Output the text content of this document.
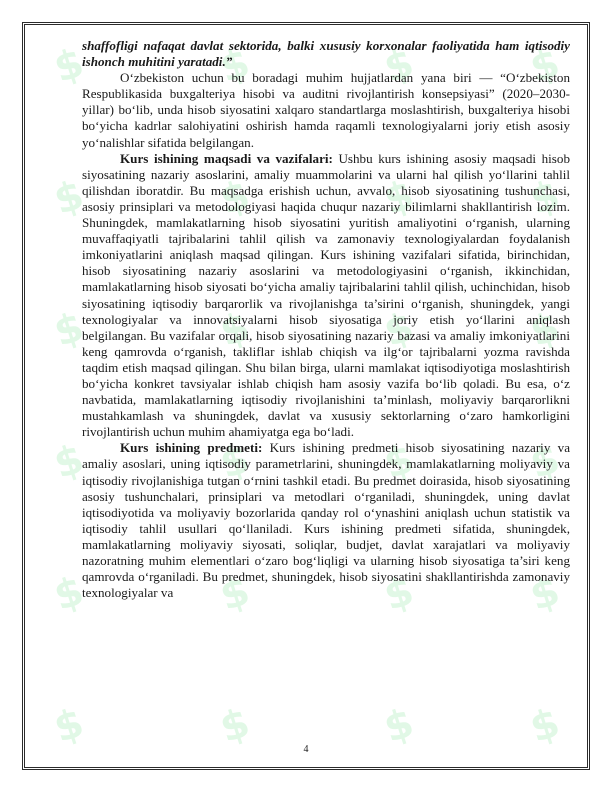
$
$
$
$
$
$
$
$
$
$
$
$
$
$
$
$
$
$
$
$
$
$
$
$

shaffofligi nafaqat davlat sektorida, balki xususiy korxonalar faoliyatida ham iqtisodiy ishonch muhitini yaratadi.”

O‘zbekiston uchun bu boradagi muhim hujjatlardan yana biri — “O‘zbekiston Respublikasida buxgalteriya hisobi va auditni rivojlantirish konsepsiyasi” (2020–2030-yillar) bo‘lib, unda hisob siyosatini xalqaro standartlarga moslashtirish, buxgalteriya hisobi bo‘yicha kadrlar salohiyatini oshirish hamda raqamli texnologiyalarni joriy etish asosiy yo‘nalishlar sifatida belgilangan.

Kurs ishining maqsadi va vazifalari: Ushbu kurs ishining asosiy maqsadi hisob siyosatining nazariy asoslarini, amaliy muammolarini va ularni hal qilish yo‘llarini tahlil qilishdan iboratdir. Bu maqsadga erishish uchun, avvalo, hisob siyosatining tushunchasi, asosiy prinsiplari va metodologiyasi haqida chuqur nazariy bilimlarni shakllantirish lozim. Shuningdek, mamlakatlarning hisob siyosatini yuritish amaliyotini o‘rganish, ularning muvaffaqiyatli tajribalarini tahlil qilish va zamonaviy texnologiyalardan foydalanish imkoniyatlarini aniqlash maqsad qilingan. Kurs ishining vazifalari sifatida, birinchidan, hisob siyosatining nazariy asoslarini va metodologiyasini o‘rganish, ikkinchidan, mamlakatlarning hisob siyosati bo‘yicha amaliy tajribalarini tahlil qilish, uchinchidan, hisob siyosatining iqtisodiy barqarorlik va rivojlanishga ta’sirini o‘rganish, shuningdek, yangi texnologiyalar va innovatsiyalarni hisob siyosatiga joriy etish yo‘llarini aniqlash belgilangan. Bu vazifalar orqali, hisob siyosatining nazariy bazasi va amaliy imkoniyatlarini keng qamrovda o‘rganish, takliflar ishlab chiqish va ilg‘or tajribalarni yozma ravishda taqdim etish maqsad qilingan. Shu bilan birga, ularni mamlakat iqtisodiyotiga moslashtirish bo‘yicha konkret tavsiyalar ishlab chiqish ham asosiy vazifa bo‘lib qoladi. Bu esa, o‘z navbatida, mamlakatlarning iqtisodiy rivojlanishini ta’minlash, moliyaviy barqarorlikni mustahkamlash va shuningdek, davlat va xususiy sektorlarning o‘zaro hamkorligini rivojlantirish uchun muhim ahamiyatga ega bo‘ladi.

Kurs ishining predmeti: Kurs ishining predmeti hisob siyosatining nazariy va amaliy asoslari, uning iqtisodiy parametrlarini, shuningdek, mamlakatlarning moliyaviy va iqtisodiy rivojlanishiga tutgan o‘rnini tashkil etadi. Bu predmet doirasida, hisob siyosatining asosiy tushunchalari, prinsiplari va metodlari o‘rganiladi, shuningdek, uning davlat iqtisodiyotida va moliyaviy bozorlarida qanday rol o‘ynashini aniqlash uchun statistik va iqtisodiy tahlil usullari qo‘llaniladi. Kurs ishining predmeti sifatida, shuningdek, mamlakatlarning moliyaviy siyosati, soliqlar, budjet, davlat xarajatlari va moliyaviy nazoratning muhim elementlari o‘zaro bog‘liqligi va ularning hisob siyosatiga ta’siri keng qamrovda o‘rganiladi. Bu predmet, shuningdek, hisob siyosatini shakllantirishda zamonaviy texnologiyalar va

4
